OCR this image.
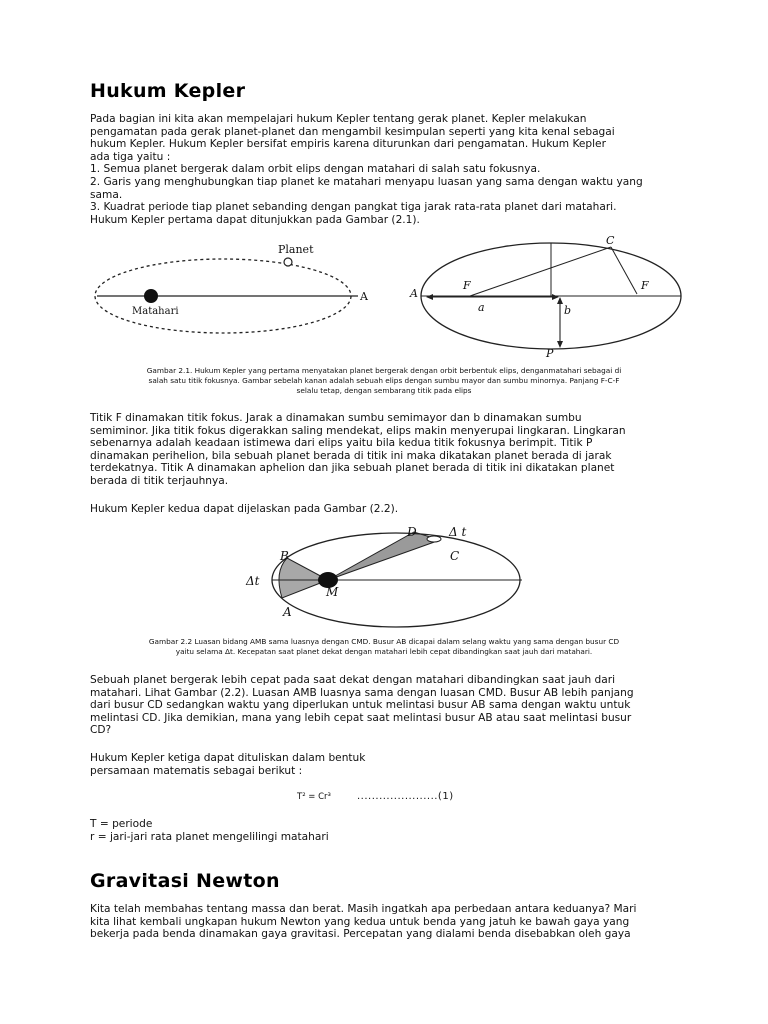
Hukum Kepler

Pada bagian ini kita akan mempelajari hukum Kepler tentang gerak planet. Kepler melakukan

pengamatan pada gerak planet-planet dan mengambil kesimpulan seperti yang kita kenal sebagai

hukum Kepler. Hukum Kepler bersifat empiris karena diturunkan dari pengamatan. Hukum Kepler

ada tiga yaitu :

1. Semua planet bergerak dalam orbit elips dengan matahari di salah satu fokusnya.

2. Garis yang menghubungkan tiap planet ke matahari menyapu luasan yang sama dengan waktu yang

sama.

3. Kuadrat periode tiap planet sebanding dengan pangkat tiga jarak rata-rata planet dari matahari.

Hukum Kepler pertama dapat ditunjukkan pada Gambar (2.1).

Planet
Matahari
A
C
A
F	F
a	b
P
Gambar 2.1. Hukum Kepler yang pertama menyatakan planet bergerak dengan orbit berbentuk elips, denganmatahari sebagai di
salah satu titik fokusnya. Gambar sebelah kanan adalah sebuah elips dengan sumbu mayor dan sumbu minornya. Panjang F-C-F
selalu tetap, dengan sembarang titik pada elips

Titik F dinamakan titik fokus. Jarak a dinamakan sumbu semimayor dan b dinamakan sumbu

semiminor. Jika titik fokus digerakkan saling mendekat, elips makin menyerupai lingkaran. Lingkaran

sebenarnya adalah keadaan istimewa dari elips yaitu bila kedua titik fokusnya berimpit. Titik P

dinamakan perihelion, bila sebuah planet berada di titik ini maka dikatakan planet berada di jarak

terdekatnya. Titik A dinamakan aphelion dan jika sebuah planet berada di titik ini dikatakan planet

berada di titik terjauhnya.

Hukum Kepler kedua dapat dijelaskan pada Gambar (2.2).

D	Δ t
C
B
Δt
M
A
Gambar 2.2 Luasan bidang AMB sama luasnya dengan CMD. Busur AB dicapai dalam selang waktu yang sama dengan busur CD
yaitu selama Δt. Kecepatan saat planet dekat dengan matahari lebih cepat dibandingkan saat jauh dari matahari.

Sebuah planet bergerak lebih cepat pada saat dekat dengan matahari dibandingkan saat jauh dari

matahari. Lihat Gambar (2.2). Luasan AMB luasnya sama dengan luasan CMD. Busur AB lebih panjang

dari busur CD sedangkan waktu yang diperlukan untuk melintasi busur AB sama dengan waktu untuk

melintasi CD. Jika demikian, mana yang lebih cepat saat melintasi busur AB atau saat melintasi busur

CD?

Hukum Kepler ketiga dapat dituliskan dalam bentuk

persamaan matematis sebagai berikut :

T² = Cr³	......................(1)

T = periode

r = jari-jari rata planet mengelilingi matahari

Gravitasi Newton

Kita telah membahas tentang massa dan berat. Masih ingatkah apa perbedaan antara keduanya? Mari

kita lihat kembali ungkapan hukum Newton yang kedua untuk benda yang jatuh ke bawah gaya yang

bekerja pada benda dinamakan gaya gravitasi. Percepatan yang dialami benda disebabkan oleh gaya
